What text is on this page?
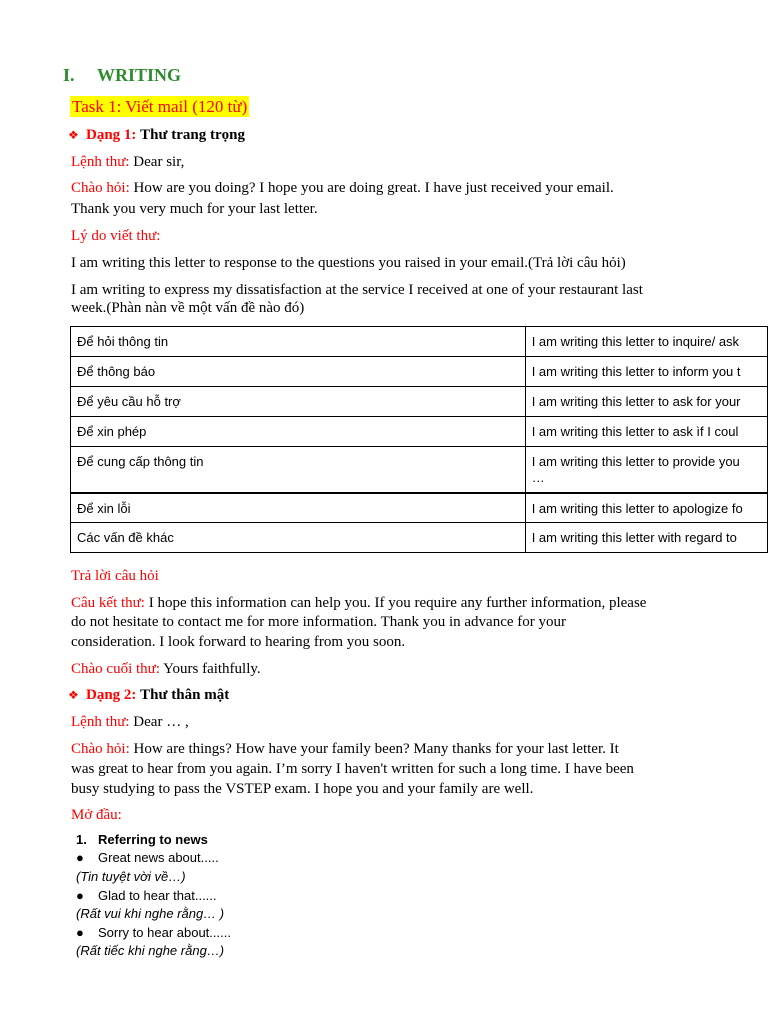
I. WRITING
Task 1: Viết mail (120 từ)
❖ Dạng 1: Thư trang trọng
Lệnh thư: Dear sir,
Chào hỏi: How are you doing? I hope you are doing great. I have just received your email.
Thank you very much for your last letter.
Lý do viết thư:
I am writing this letter to response to the questions you raised in your email.(Trả lời câu hỏi)
I am writing to express my dissatisfaction at the service I received at one of your restaurant last
week.(Phàn nàn về một vấn đề nào đó)
Để hỏi thông tin	I am writing this letter to inquire/ ask
Để thông báo	I am writing this letter to inform you t
Để yêu cầu hỗ trợ	I am writing this letter to ask for your
Để xin phép	I am writing this letter to ask ìf I coul
Để cung cấp thông tin	I am writing this letter to provide you
…

Để xin lỗi	I am writing this letter to apologize fo
Các vấn đề khác	I am writing this letter with regard to
Trả lời câu hỏi
Câu kết thư: I hope this information can help you. If you require any further information, please
do not hesitate to contact me for more information. Thank you in advance for your
consideration. I look forward to hearing from you soon.
Chào cuối thư: Yours faithfully.
❖ Dạng 2: Thư thân mật
Lệnh thư: Dear … ,
Chào hỏi: How are things? How have your family been? Many thanks for your last letter. It
was great to hear from you again. I’m sorry I haven't written for such a long time. I have been
busy studying to pass the VSTEP exam. I hope you and your family are well.
Mở đầu:
1. Referring to news
● Great news about.....
(Tin tuyệt vời về…)
● Glad to hear that......
(Rất vui khi nghe rằng… )
● Sorry to hear about......
(Rất tiếc khi nghe rằng…)
